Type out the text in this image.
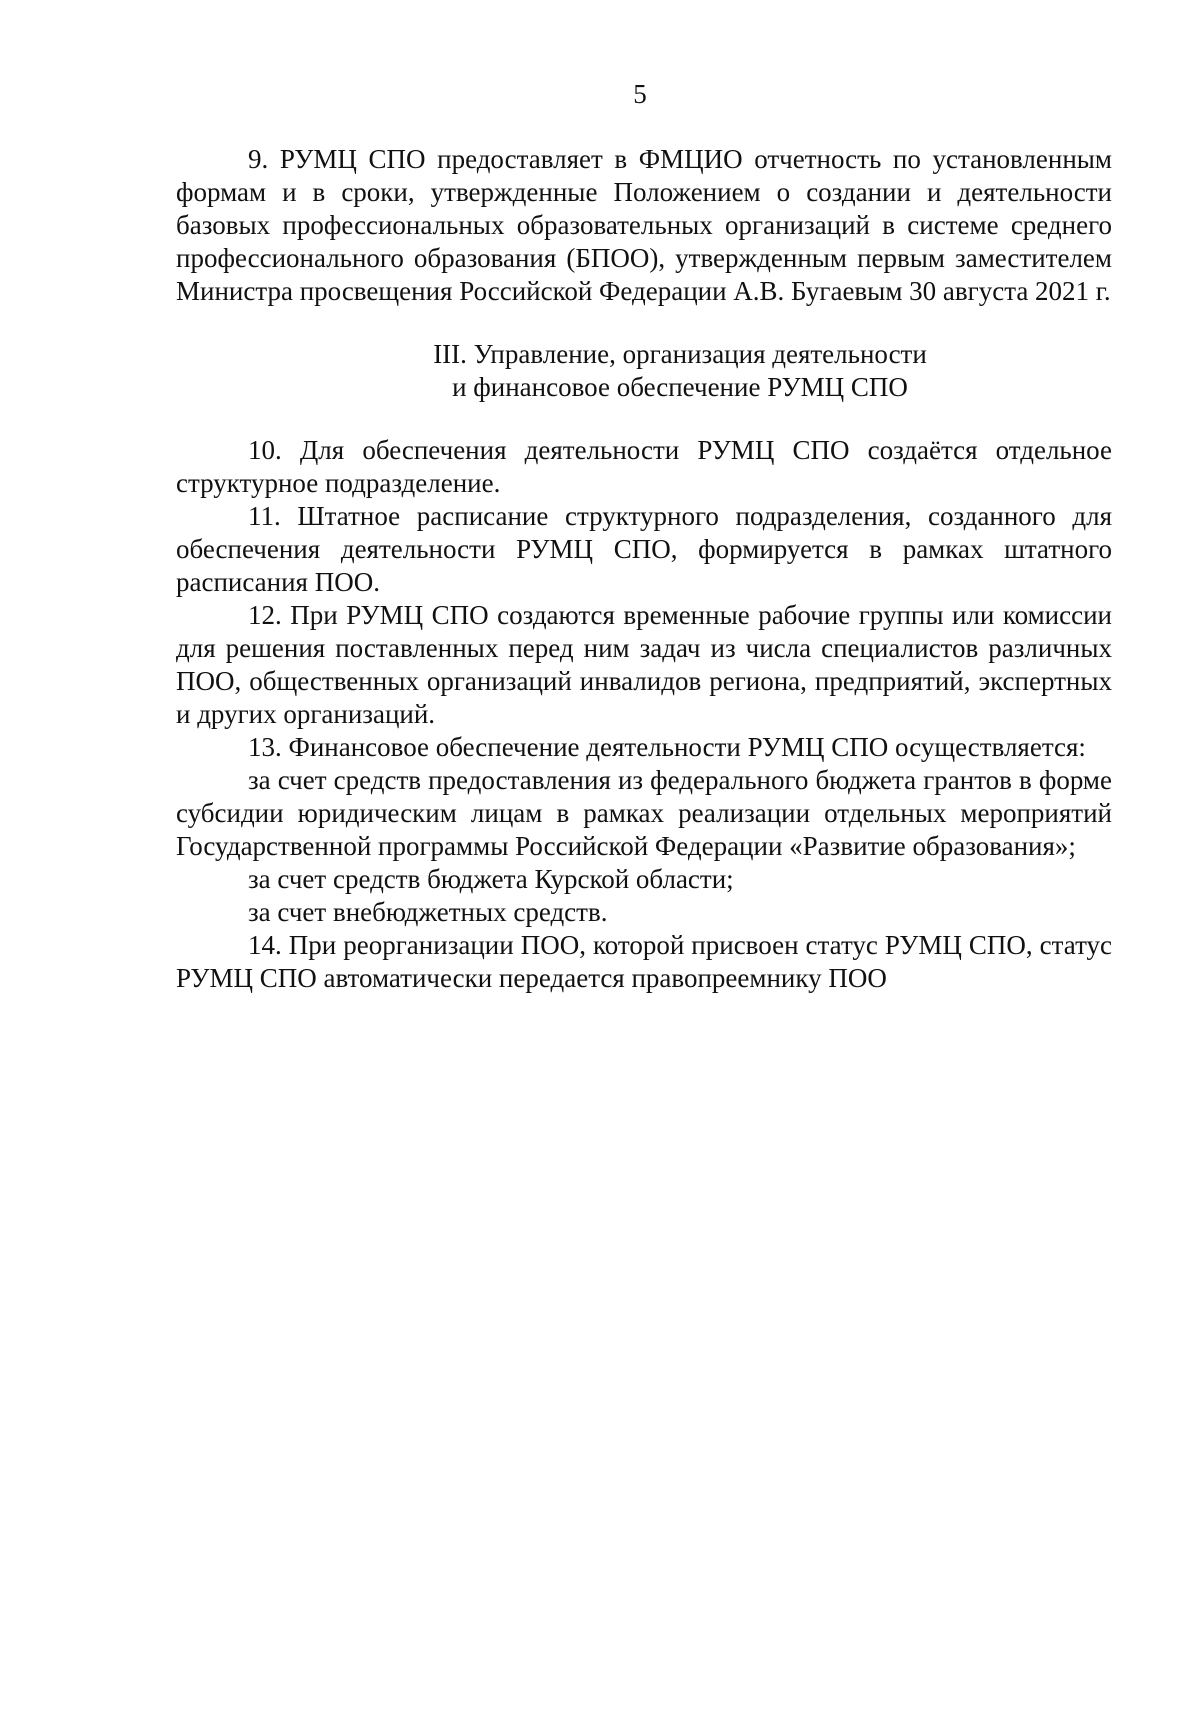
5

9. РУМЦ СПО предоставляет в ФМЦИО отчетность по установленным формам и в сроки, утвержденные Положением о создании и деятельности базовых профессиональных образовательных организаций в системе среднего профессионального образования (БПОО), утвержденным первым заместителем Министра просвещения Российской Федерации А.В. Бугаевым 30 августа 2021 г.

III. Управление, организация деятельности
и финансовое обеспечение РУМЦ СПО

10. Для обеспечения деятельности РУМЦ СПО создаётся отдельное структурное подразделение.

11. Штатное расписание структурного подразделения, созданного для обеспечения деятельности РУМЦ СПО, формируется в рамках штатного расписания ПОО.

12. При РУМЦ СПО создаются временные рабочие группы или комиссии для решения поставленных перед ним задач из числа специалистов различных ПОО, общественных организаций инвалидов региона, предприятий, экспертных и других организаций.

13. Финансовое обеспечение деятельности РУМЦ СПО осуществляется:

за счет средств предоставления из федерального бюджета грантов в форме субсидии юридическим лицам в рамках реализации отдельных мероприятий Государственной программы Российской Федерации «Развитие образования»;

за счет средств бюджета Курской области;

за счет внебюджетных средств.

14. При реорганизации ПОО, которой присвоен статус РУМЦ СПО, статус РУМЦ СПО автоматически передается правопреемнику ПОО
